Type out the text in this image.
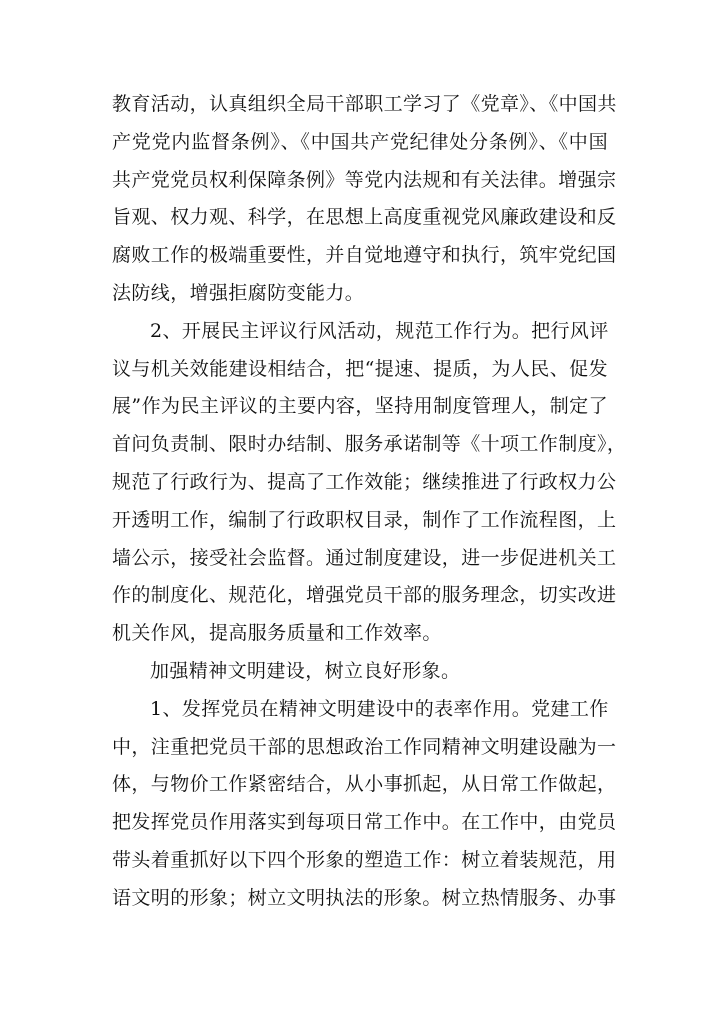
教育活动，认真组织全局干部职工学习了《党章》、《中国共
产党党内监督条例》、《中国共产党纪律处分条例》、《中国
共产党党员权利保障条例》等党内法规和有关法律。增强宗
旨观、权力观、科学，在思想上高度重视党风廉政建设和反
腐败工作的极端重要性，并自觉地遵守和执行，筑牢党纪国
法防线，增强拒腐防变能力。
2、开展民主评议行风活动，规范工作行为。把行风评
议与机关效能建设相结合，把“提速、提质，为人民、促发
展”作为民主评议的主要内容，坚持用制度管理人，制定了
首问负责制、限时办结制、服务承诺制等《十项工作制度》，
规范了行政行为、提高了工作效能；继续推进了行政权力公
开透明工作，编制了行政职权目录，制作了工作流程图，上
墙公示，接受社会监督。通过制度建设，进一步促进机关工
作的制度化、规范化，增强党员干部的服务理念，切实改进
机关作风，提高服务质量和工作效率。
加强精神文明建设，树立良好形象。
1、发挥党员在精神文明建设中的表率作用。党建工作
中，注重把党员干部的思想政治工作同精神文明建设融为一
体，与物价工作紧密结合，从小事抓起，从日常工作做起，
把发挥党员作用落实到每项日常工作中。在工作中，由党员
带头着重抓好以下四个形象的塑造工作：树立着装规范，用
语文明的形象；树立文明执法的形象。树立热情服务、办事
